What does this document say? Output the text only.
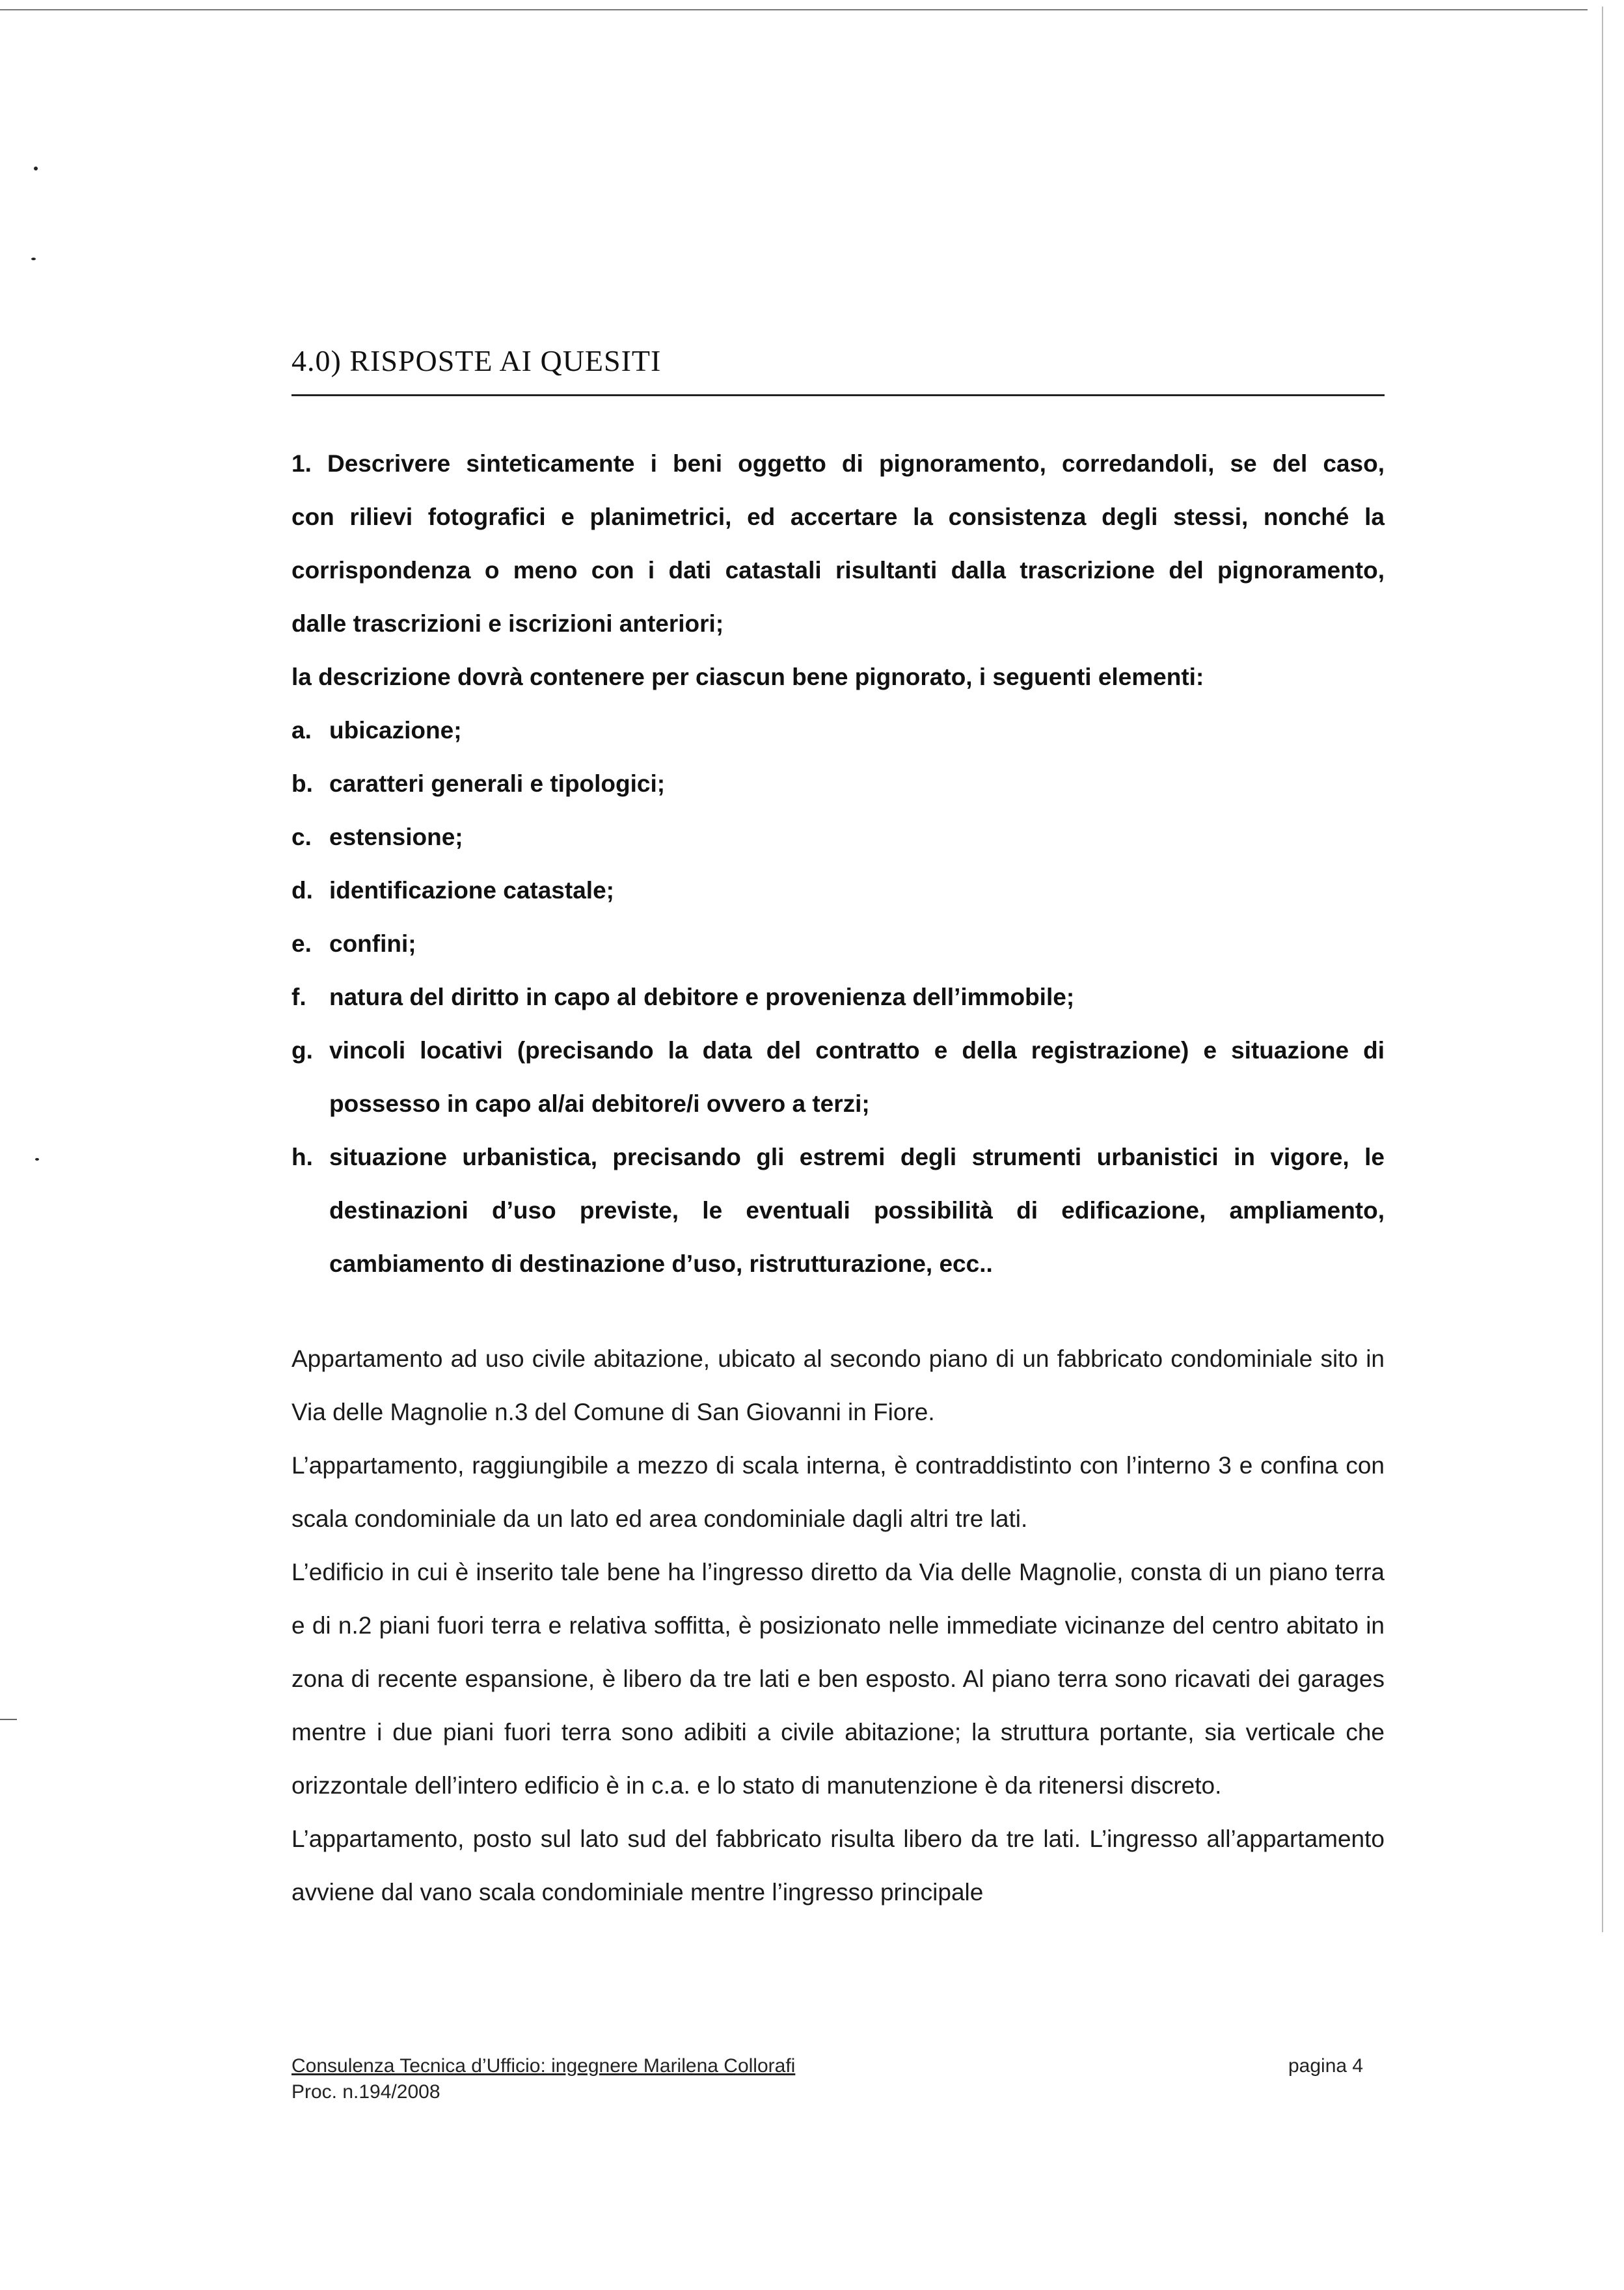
4.0) RISPOSTE AI QUESITI

1. Descrivere sinteticamente i beni oggetto di pignoramento, corredandoli, se del caso,

con rilievi fotografici e planimetrici, ed accertare la consistenza degli stessi, nonché la

corrispondenza o meno con i dati catastali risultanti dalla trascrizione del pignoramento,

dalle trascrizioni e iscrizioni anteriori;

la descrizione dovrà contenere per ciascun bene pignorato, i seguenti elementi:

a. ubicazione;
b. caratteri generali e tipologici;
c. estensione;
d. identificazione catastale;
e. confini;
f. natura del diritto in capo al debitore e provenienza dell’immobile;
g. vincoli locativi (precisando la data del contratto e della registrazione) e situazione di possesso in capo al/ai debitore/i ovvero a terzi;
h. situazione urbanistica, precisando gli estremi degli strumenti urbanistici in vigore, le destinazioni d’uso previste, le eventuali possibilità di edificazione, ampliamento, cambiamento di destinazione d’uso, ristrutturazione, ecc..

Appartamento ad uso civile abitazione, ubicato al secondo piano di un fabbricato condominiale sito in Via delle Magnolie n.3 del Comune di San Giovanni in Fiore.

L’appartamento, raggiungibile a mezzo di scala interna, è contraddistinto con l’interno 3 e confina con scala condominiale da un lato ed area condominiale dagli altri tre lati.

L’edificio in cui è inserito tale bene ha l’ingresso diretto da Via delle Magnolie, consta di un piano terra e di n.2 piani fuori terra e relativa soffitta, è posizionato nelle immediate vicinanze del centro abitato in zona di recente espansione, è libero da tre lati e ben esposto. Al piano terra sono ricavati dei garages mentre i due piani fuori terra sono adibiti a civile abitazione; la struttura portante, sia verticale che orizzontale dell’intero edificio è in c.a. e lo stato di manutenzione è da ritenersi discreto.

L’appartamento, posto sul lato sud del fabbricato risulta libero da tre lati. L’ingresso all’appartamento avviene dal vano scala condominiale mentre l’ingresso principale

Consulenza Tecnica d’Ufficio: ingegnere Marilena Collorafi
Proc. n.194/2008
pagina 4
